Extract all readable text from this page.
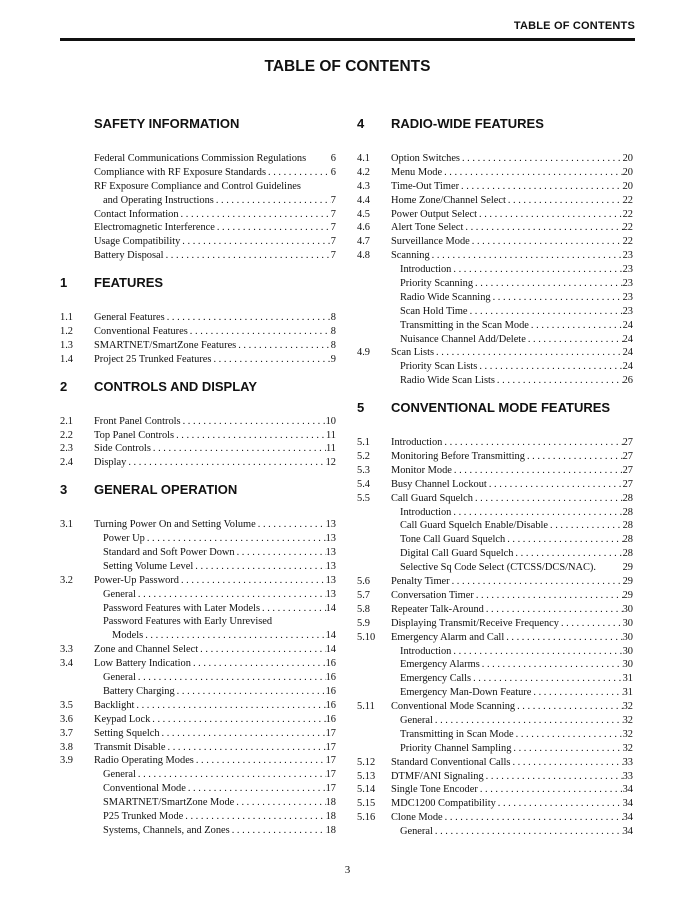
TABLE OF CONTENTS
TABLE OF CONTENTS
SAFETY INFORMATION
Federal Communications Commission Regulations 6
Compliance with RF Exposure Standards . . .	6
RF Exposure Compliance and Control Guidelines
and Operating Instructions . . .	7
Contact Information . . .	7
Electromagnetic Interference . . .	7
Usage Compatibility . . .	7
Battery Disposal . . .	7
1	FEATURES
1.1	General Features . . .	8
1.2	Conventional Features . . .	8
1.3	SMARTNET/SmartZone Features . . .	8
1.4	Project 25 Trunked Features . . .	9
2	CONTROLS AND DISPLAY
2.1	Front Panel Controls . . .	10
2.2	Top Panel Controls . . .	11
2.3	Side Controls . . .	11
2.4	Display . . .	12
3	GENERAL OPERATION
3.1	Turning Power On and Setting Volume . . .	13
Power Up . . .	13
Standard and Soft Power Down . . .	13
Setting Volume Level . . .	13
3.2	Power-Up Password . . .	13
General . . .	13
Password Features with Later Models . . .	14
Password Features with Early Unrevised
Models . . .	14
3.3	Zone and Channel Select . . .	14
3.4	Low Battery Indication . . .	16
General . . .	16
Battery Charging . . .	16
3.5	Backlight . . .	16
3.6	Keypad Lock . . .	16
3.7	Setting Squelch . . .	17
3.8	Transmit Disable . . .	17
3.9	Radio Operating Modes . . .	17
General . . .	17
Conventional Mode . . .	17
SMARTNET/SmartZone Mode . . .	18
P25 Trunked Mode . . .	18
Systems, Channels, and Zones . . .	18
4	RADIO-WIDE FEATURES
4.1	Option Switches . . .	20
4.2	Menu Mode . . .	20
4.3	Time-Out Timer . . .	20
4.4	Home Zone/Channel Select . . .	22
4.5	Power Output Select . . .	22
4.6	Alert Tone Select . . .	22
4.7	Surveillance Mode . . .	22
4.8	Scanning . . .	23
Introduction . . .	23
Priority Scanning . . .	23
Radio Wide Scanning . . .	23
Scan Hold Time . . .	23
Transmitting in the Scan Mode . . .	24
Nuisance Channel Add/Delete . . .	24
4.9	Scan Lists . . .	24
Priority Scan Lists . . .	24
Radio Wide Scan Lists . . .	26
5	CONVENTIONAL MODE FEATURES
5.1	Introduction . . .	27
5.2	Monitoring Before Transmitting . . .	27
5.3	Monitor Mode . . .	27
5.4	Busy Channel Lockout . . .	27
5.5	Call Guard Squelch . . .	28
Introduction . . .	28
Call Guard Squelch Enable/Disable . . .	28
Tone Call Guard Squelch . . .	28
Digital Call Guard Squelch . . .	28
Selective Sq Code Select (CTCSS/DCS/NAC).	29
5.6	Penalty Timer . . .	29
5.7	Conversation Timer . . .	29
5.8	Repeater Talk-Around . . .	30
5.9	Displaying Transmit/Receive Frequency . . .	30
5.10	Emergency Alarm and Call . . .	30
Introduction . . .	30
Emergency Alarms . . .	30
Emergency Calls . . .	31
Emergency Man-Down Feature . . .	31
5.11	Conventional Mode Scanning . . .	32
General . . .	32
Transmitting in Scan Mode . . .	32
Priority Channel Sampling . . .	32
5.12	Standard Conventional Calls . . .	33
5.13	DTMF/ANI Signaling . . .	33
5.14	Single Tone Encoder . . .	34
5.15	MDC1200 Compatibility . . .	34
5.16	Clone Mode . . .	34
General . . .	34
3
